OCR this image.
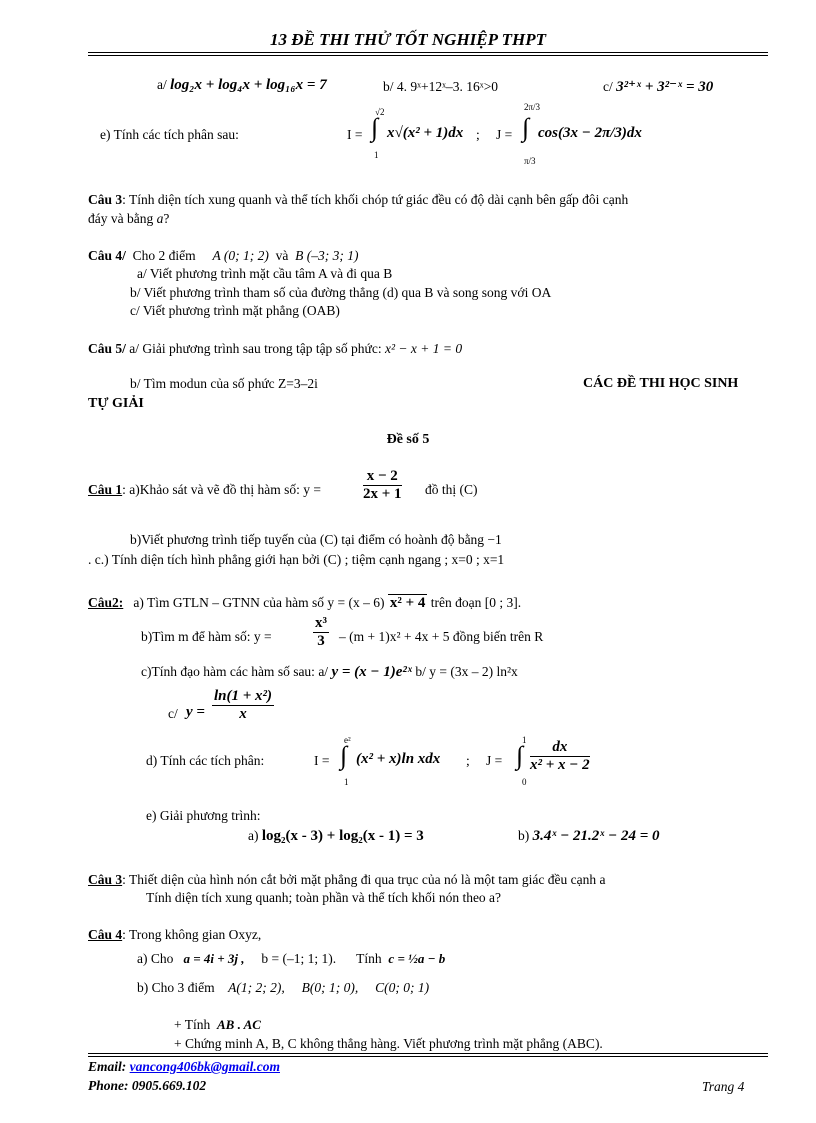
13 ĐỀ THI THỬ TỐT NGHIỆP THPT
a/ log₂x + log₄x + log₁₆x = 7	b/ 4. 9ˣ+12ˣ–3. 16ˣ>0	c/ 3²⁺ˣ + 3²⁻ˣ = 30
e) Tính các tích phân sau:	I =
√2
∫
1
x√(x² + 1)dx ; J =
2π/3
∫
π/3
cos(3x − 2π/3)dx
Câu 3: Tính diện tích xung quanh và thể tích khối chóp tứ giác đều có độ dài cạnh bên gấp đôi cạnh
đáy và bằng a?
Câu 4/ Cho 2 điểm A (0; 1; 2) và B (–3; 3; 1)
a/ Viết phương trình mặt cầu tâm A và đi qua B
b/ Viết phương trình tham số của đường thẳng (d) qua B và song song với OA
c/ Viết phương trình mặt phẳng (OAB)
Câu 5/ a/ Giải phương trình sau trong tập tập số phức: x² − x + 1 = 0
b/ Tìm modun của số phức Z=3–2i	CÁC ĐỀ THI HỌC SINH
TỰ GIẢI
Đề số 5
Câu 1: a)Khảo sát và vẽ đồ thị hàm số: y =	$\frac{x - 2}{2x + 1}$ đồ thị (C)
b)Viết phương trình tiếp tuyến của (C) tại điểm có hoành độ bằng −1
. c.) Tính diện tích hình phẳng giới hạn bởi (C) ; tiệm cạnh ngang ; x=0 ; x=1
Câu2: a) Tìm GTLN – GTNN của hàm số y = (x – 6) x² + 4 trên đoạn [0 ; 3].
b)Tìm m để hàm số: y =	$\frac{\text{x³}}{3} - (m + 1)x^2 + 4x + 5$ đồng biến trên R
c)Tính đạo hàm các hàm số sau: a/ y = (x − 1)e²ˣ b/ y = (3x – 2) ln²x
c/ $y = \frac{\text{ln(1 + x²)}}{x}$
d) Tính các tích phân:	I =
e²
∫
1
(x² + x)ln xdx ; J =
1
∫
0
$\frac{dx}{\text{x² + x − 2}}$
e) Giải phương trình:
a) log₂(x - 3) + log₂(x - 1) = 3	b) 3.4ˣ − 21.2ˣ − 24 = 0
Câu 3: Thiết diện của hình nón cắt bởi mặt phẳng đi qua trục của nó là một tam giác đều cạnh a
Tính diện tích xung quanh; toàn phần và thể tích khối nón theo a?
Câu 4: Trong không gian Oxyz,
a) Cho a = 4i + 3j , b = (–1; 1; 1). Tính c = ½a − b
b) Cho 3 điểm A(1; 2; 2), B(0; 1; 0), C(0; 0; 1)
+ Tính AB . AC
+ Chứng minh A, B, C không thẳng hàng. Viết phương trình mặt phẳng (ABC).
Email: vancong406bk@gmail.com
Phone: 0905.669.102	Trang 4
